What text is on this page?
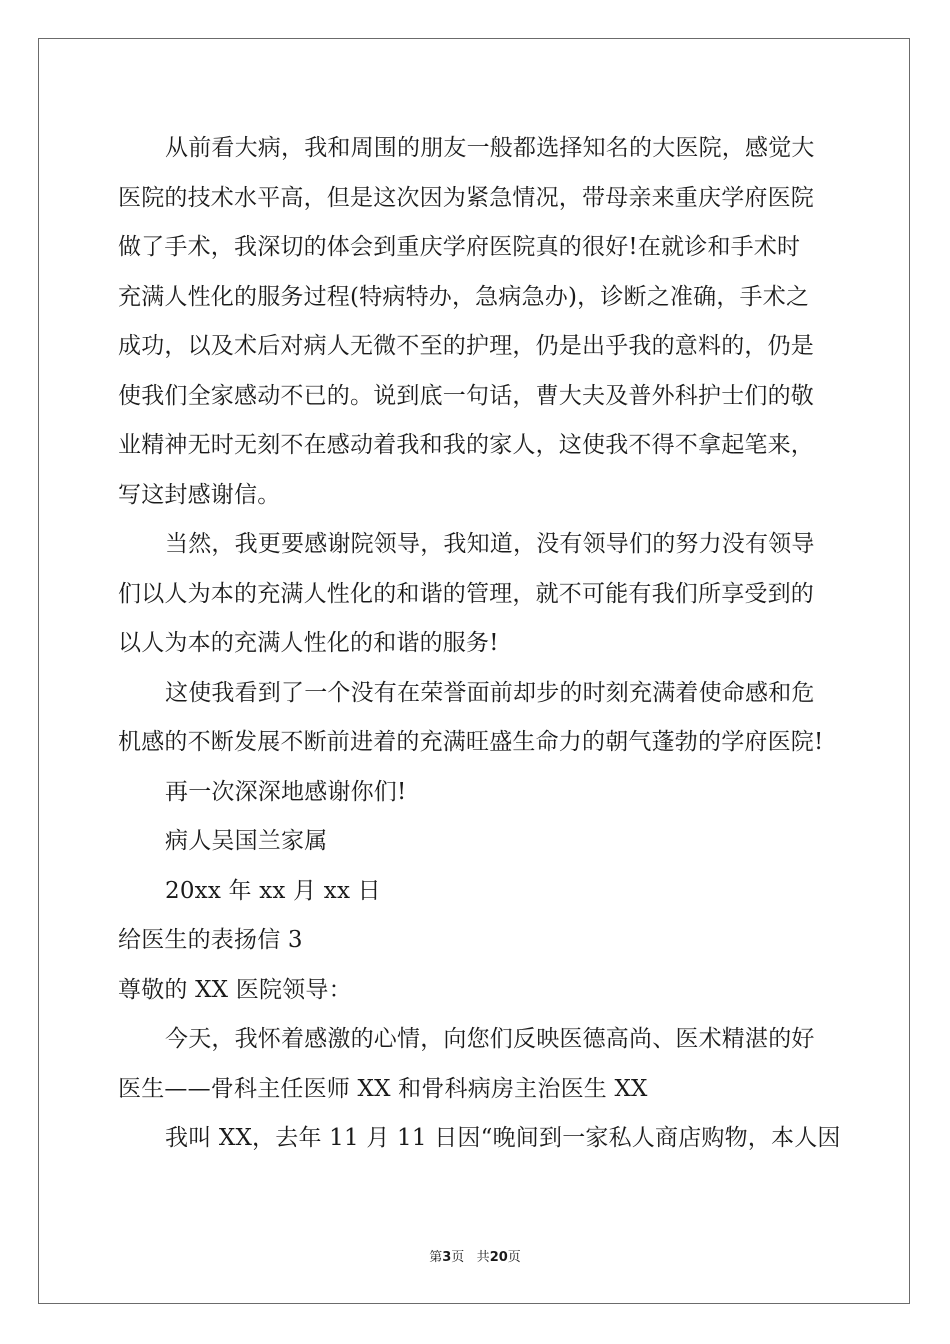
从前看大病，我和周围的朋友一般都选择知名的大医院，感觉大
医院的技术水平高，但是这次因为紧急情况，带母亲来重庆学府医院
做了手术，我深切的体会到重庆学府医院真的很好!在就诊和手术时
充满人性化的服务过程(特病特办，急病急办)，诊断之准确，手术之
成功，以及术后对病人无微不至的护理，仍是出乎我的意料的，仍是
使我们全家感动不已的。说到底一句话，曹大夫及普外科护士们的敬
业精神无时无刻不在感动着我和我的家人，这使我不得不拿起笔来，
写这封感谢信。
当然，我更要感谢院领导，我知道，没有领导们的努力没有领导
们以人为本的充满人性化的和谐的管理，就不可能有我们所享受到的
以人为本的充满人性化的和谐的服务!
这使我看到了一个没有在荣誉面前却步的时刻充满着使命感和危
机感的不断发展不断前进着的充满旺盛生命力的朝气蓬勃的学府医院!
再一次深深地感谢你们!
病人吴国兰家属
20xx 年 xx 月 xx 日
给医生的表扬信 3
尊敬的 XX 医院领导：
今天，我怀着感激的心情，向您们反映医德高尚、医术精湛的好
医生——骨科主任医师 XX 和骨科病房主治医生 XX
我叫 XX，去年 11 月 11 日因“晚间到一家私人商店购物，本人因
第3页 共20页
